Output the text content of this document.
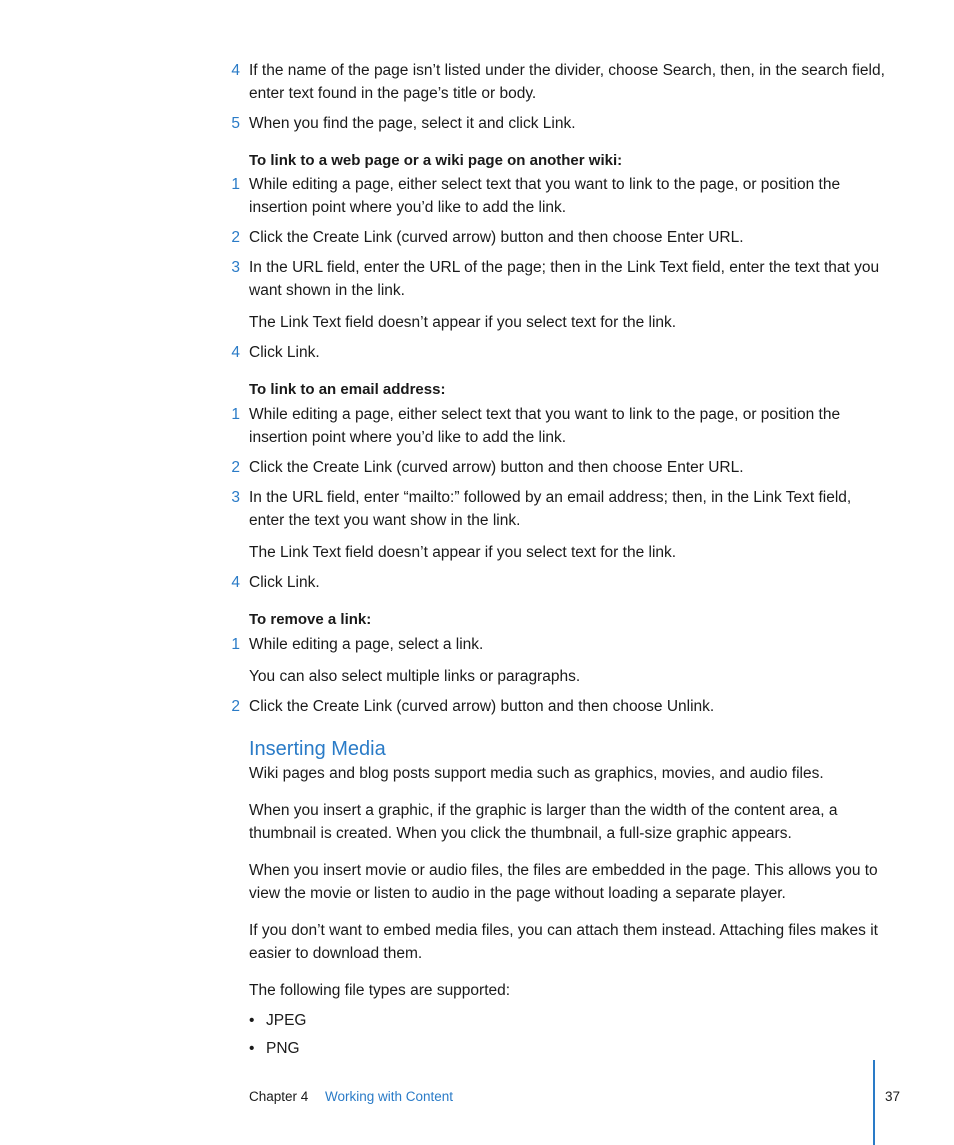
4 If the name of the page isn’t listed under the divider, choose Search, then, in the search field, enter text found in the page’s title or body.
5 When you find the page, select it and click Link.
To link to a web page or a wiki page on another wiki:
1 While editing a page, either select text that you want to link to the page, or position the insertion point where you’d like to add the link.
2 Click the Create Link (curved arrow) button and then choose Enter URL.
3 In the URL field, enter the URL of the page; then in the Link Text field, enter the text that you want shown in the link.
The Link Text field doesn’t appear if you select text for the link.
4 Click Link.
To link to an email address:
1 While editing a page, either select text that you want to link to the page, or position the insertion point where you’d like to add the link.
2 Click the Create Link (curved arrow) button and then choose Enter URL.
3 In the URL field, enter “mailto:” followed by an email address; then, in the Link Text field, enter the text you want show in the link.
The Link Text field doesn’t appear if you select text for the link.
4 Click Link.
To remove a link:
1 While editing a page, select a link.
You can also select multiple links or paragraphs.
2 Click the Create Link (curved arrow) button and then choose Unlink.
Inserting Media
Wiki pages and blog posts support media such as graphics, movies, and audio files.
When you insert a graphic, if the graphic is larger than the width of the content area, a thumbnail is created. When you click the thumbnail, a full-size graphic appears.
When you insert movie or audio files, the files are embedded in the page. This allows you to view the movie or listen to audio in the page without loading a separate player.
If you don’t want to embed media files, you can attach them instead. Attaching files makes it easier to download them.
The following file types are supported:
• JPEG
• PNG
Chapter 4 Working with Content	37
